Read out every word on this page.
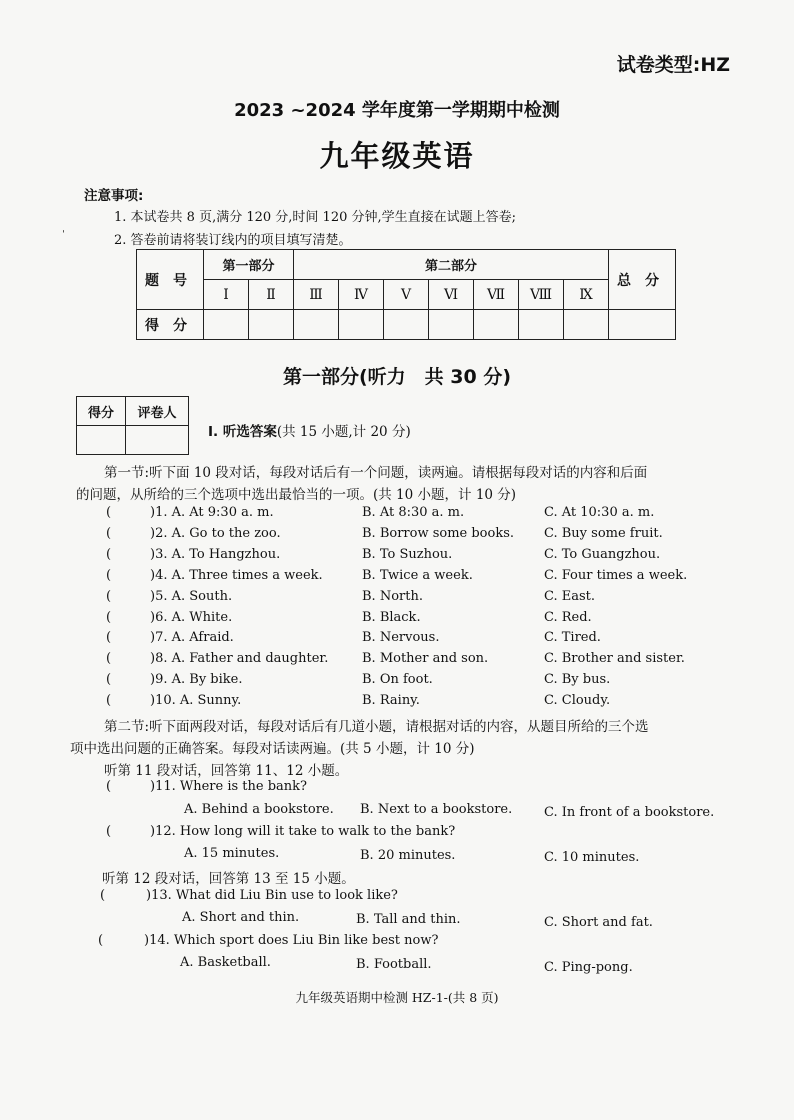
试卷类型:HZ
2023 ~2024 学年度第一学期期中检测
九年级英语
注意事项:
1. 本试卷共 8 页,满分 120 分,时间 120 分钟,学生直接在试题上答卷;
2. 答卷前请将装订线内的项目填写清楚。
ˈ
题号	第一部分		第二部分							总分
	Ⅰ	Ⅱ	Ⅲ	Ⅳ	Ⅴ	Ⅵ	Ⅶ	Ⅷ	Ⅸ	
得分										
第一部分(听力　共 30 分)
得分	评卷人

Ⅰ. 听选答案(共 15 小题,计 20 分)
第一节:听下面 10 段对话，每段对话后有一个问题，读两遍。请根据每段对话的内容和后面
的问题，从所给的三个选项中选出最恰当的一项。(共 10 小题，计 10 分)
( )1. A. At 9:30 a. m.	B. At 8:30 a. m.	C. At 10:30 a. m.
( )2. A. Go to the zoo.	B. Borrow some books. C. Buy some fruit.
( )3. A. To Hangzhou.	B. To Suzhou.	C. To Guangzhou.
( )4. A. Three times a week.	B. Twice a week.	C. Four times a week.
( )5. A. South.	B. North.	C. East.
( )6. A. White.	B. Black.	C. Red.
( )7. A. Afraid.	B. Nervous.	C. Tired.
( )8. A. Father and daughter.	B. Mother and son.	C. Brother and sister.
( )9. A. By bike.	B. On foot.	C. By bus.
( )10. A. Sunny.	B. Rainy.	C. Cloudy.
第二节:听下面两段对话，每段对话后有几道小题，请根据对话的内容，从题目所给的三个选
项中选出问题的正确答案。每段对话读两遍。(共 5 小题，计 10 分)
听第 11 段对话，回答第 11、12 小题。
( )11. Where is the bank?
A. Behind a bookstore. B. Next to a bookstore. C. In front of a bookstore.
( )12. How long will it take to walk to the bank?
A. 15 minutes.	B. 20 minutes.	C. 10 minutes.
听第 12 段对话，回答第 13 至 15 小题。
( )13. What did Liu Bin use to look like?
A. Short and thin.	B. Tall and thin.	C. Short and fat.
( )14. Which sport does Liu Bin like best now?
A. Basketball.	B. Football.	C. Ping-pong.
九年级英语期中检测 HZ-1-(共 8 页)
